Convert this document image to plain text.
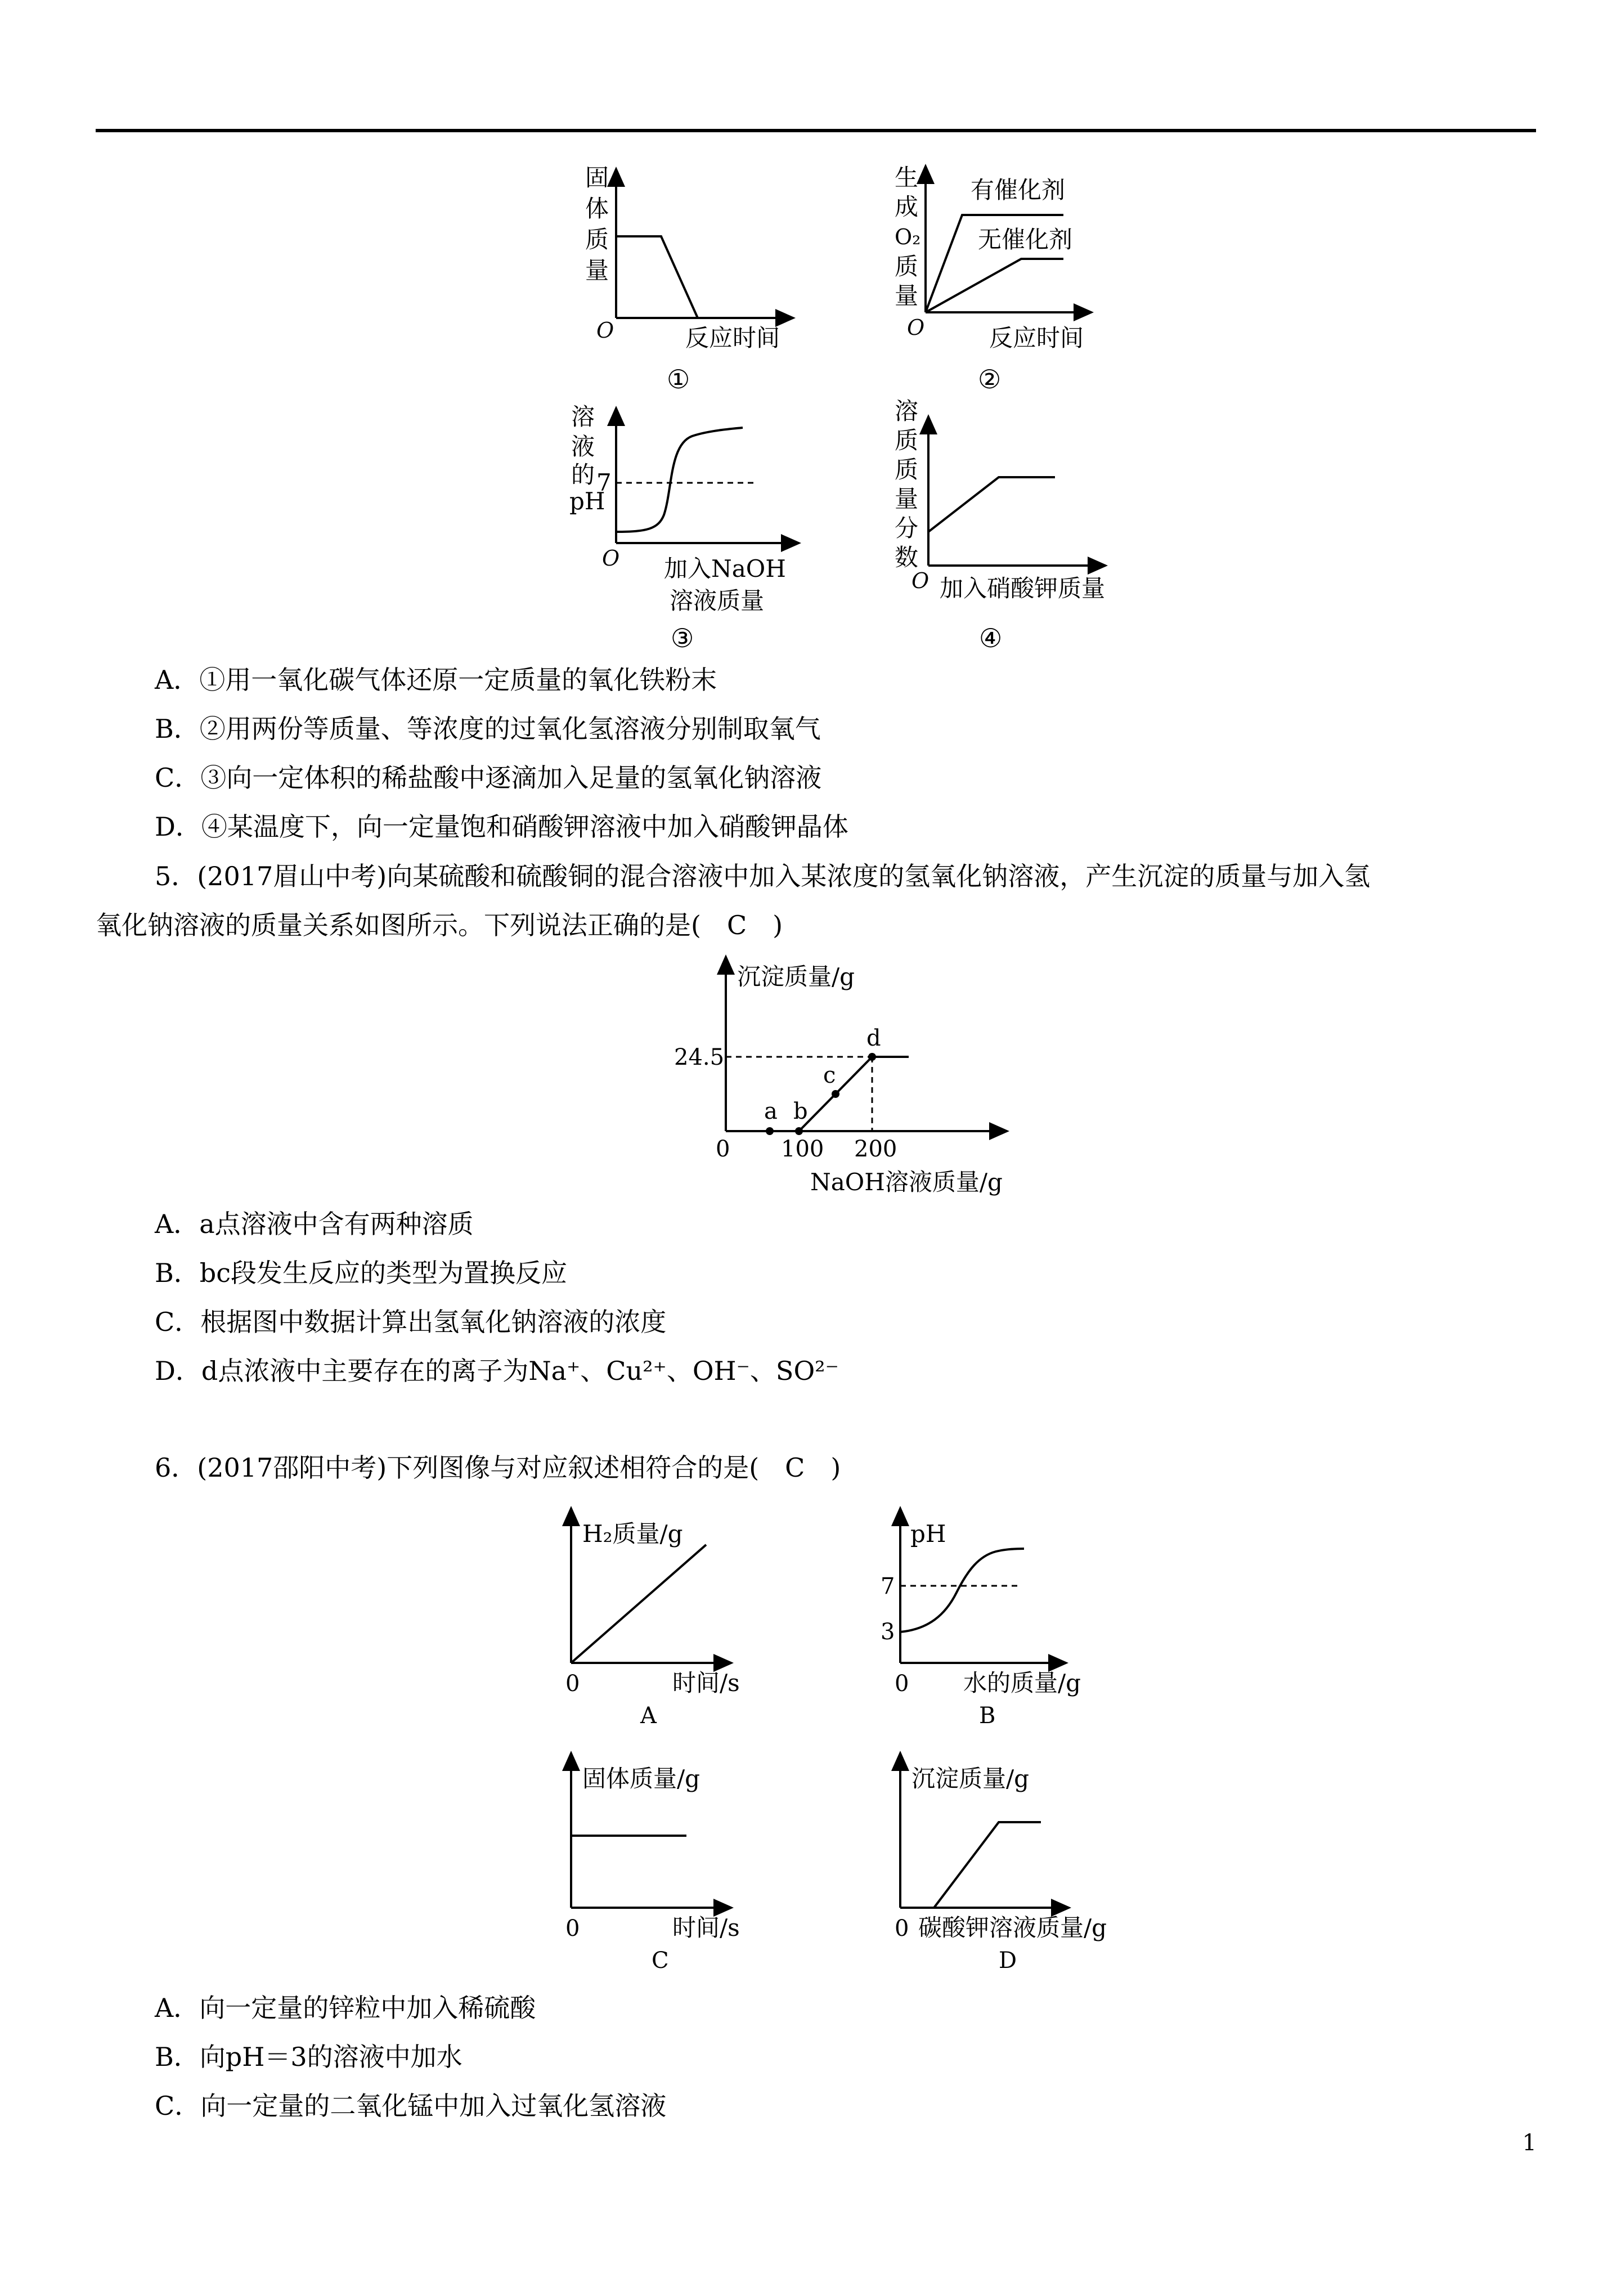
固
体
质
量
O	反应时间
①
生
成
O₂
质
量
有催化剂
无催化剂
O	反应时间
②
溶
液
的
pH
7
O 加入NaOH
溶液质量
③
溶
质
质
量
分
数
O 加入硝酸钾质量
④
a b
c
d
沉淀质量/g
24.5
0 100 200
NaOH溶液质量/g
H₂质量/g
0	时间/s
A
pH
7
3
0 水的质量/g
B
固体质量/g
0	时间/s
C
沉淀质量/g
0 碳酸钾溶液质量/g
D
A．①用一氧化碳气体还原一定质量的氧化铁粉末
B．②用两份等质量、等浓度的过氧化氢溶液分别制取氧气
C．③向一定体积的稀盐酸中逐滴加入足量的氢氧化钠溶液
D．④某温度下，向一定量饱和硝酸钾溶液中加入硝酸钾晶体
5．(2017眉山中考)向某硫酸和硫酸铜的混合溶液中加入某浓度的氢氧化钠溶液，产生沉淀的质量与加入氢
氧化钠溶液的质量关系如图所示。下列说法正确的是(　C　)
A．a点溶液中含有两种溶质
B．bc段发生反应的类型为置换反应
C．根据图中数据计算出氢氧化钠溶液的浓度
D．d点浓液中主要存在的离子为Na⁺、Cu²⁺、OH⁻、SO²⁻
6．(2017邵阳中考)下列图像与对应叙述相符合的是(　C　)
A．向一定量的锌粒中加入稀硫酸
B．向pH＝3的溶液中加水
C．向一定量的二氧化锰中加入过氧化氢溶液
1
